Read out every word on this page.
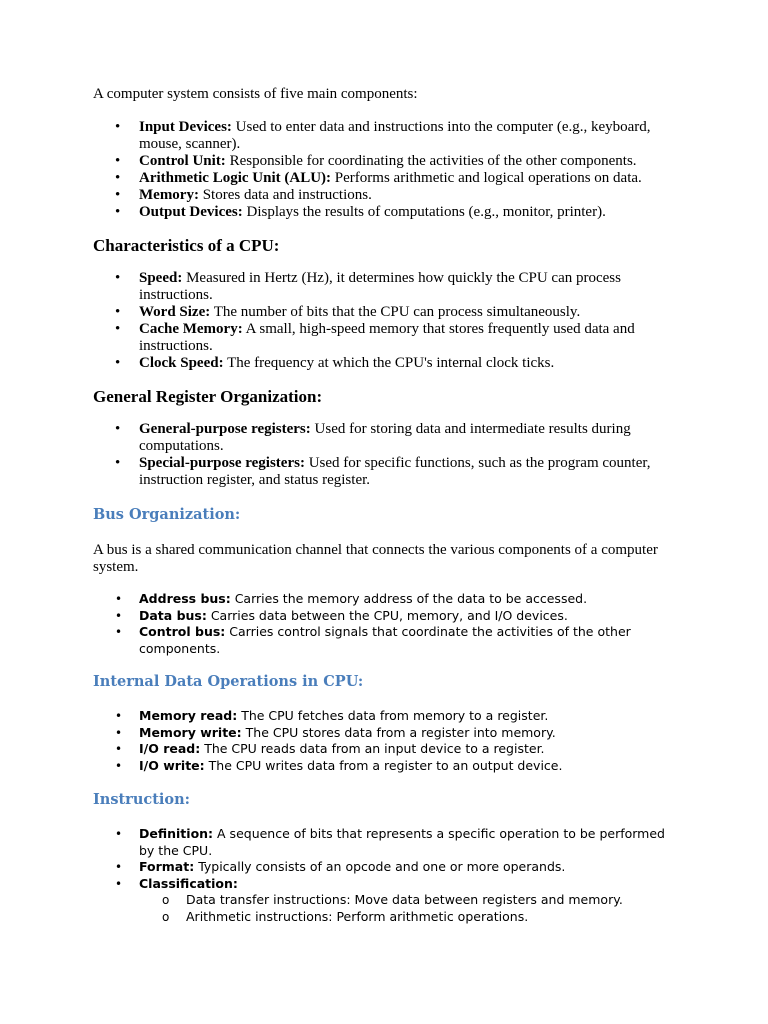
A computer system consists of five main components:

• Input Devices: Used to enter data and instructions into the computer (e.g., keyboard, mouse, scanner).
• Control Unit: Responsible for coordinating the activities of the other components.
• Arithmetic Logic Unit (ALU): Performs arithmetic and logical operations on data.
• Memory: Stores data and instructions.
• Output Devices: Displays the results of computations (e.g., monitor, printer).
Characteristics of a CPU:
• Speed: Measured in Hertz (Hz), it determines how quickly the CPU can process instructions.
• Word Size: The number of bits that the CPU can process simultaneously.
• Cache Memory: A small, high-speed memory that stores frequently used data and instructions.
• Clock Speed: The frequency at which the CPU's internal clock ticks.
General Register Organization:
• General-purpose registers: Used for storing data and intermediate results during computations.
• Special-purpose registers: Used for specific functions, such as the program counter, instruction register, and status register.
Bus Organization:

A bus is a shared communication channel that connects the various components of a computer system.

• Address bus: Carries the memory address of the data to be accessed.
• Data bus: Carries data between the CPU, memory, and I/O devices.
• Control bus: Carries control signals that coordinate the activities of the other components.
Internal Data Operations in CPU:
• Memory read: The CPU fetches data from memory to a register.
• Memory write: The CPU stores data from a register into memory.
• I/O read: The CPU reads data from an input device to a register.
• I/O write: The CPU writes data from a register to an output device.
Instruction:
• Definition: A sequence of bits that represents a specific operation to be performed by the CPU.
• Format: Typically consists of an opcode and one or more operands.
• Classification:
o Data transfer instructions: Move data between registers and memory.
o Arithmetic instructions: Perform arithmetic operations.
